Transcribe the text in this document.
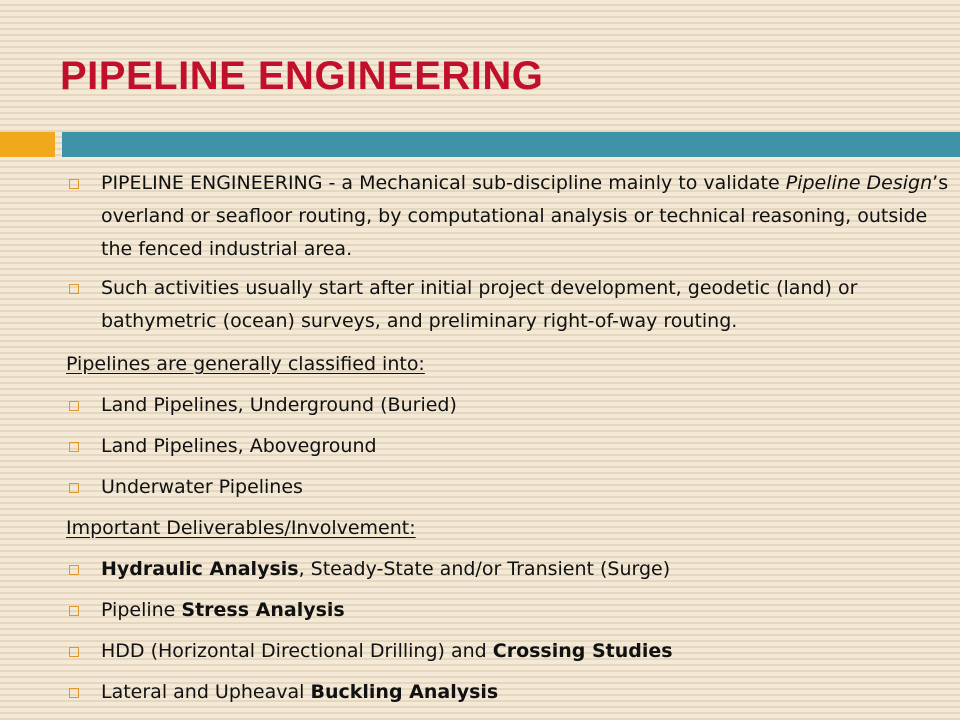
PIPELINE ENGINEERING
PIPELINE ENGINEERING - a Mechanical sub-discipline mainly to validate Pipeline Design’s overland or seafloor routing, by computational analysis or technical reasoning, outside the fenced industrial area.
Such activities usually start after initial project development, geodetic (land) or bathymetric (ocean) surveys, and preliminary right-of-way routing.
Pipelines are generally classified into:
Land Pipelines, Underground (Buried)
Land Pipelines, Aboveground
Underwater Pipelines
Important Deliverables/Involvement:
Hydraulic Analysis, Steady-State and/or Transient (Surge)
Pipeline Stress Analysis
HDD (Horizontal Directional Drilling) and Crossing Studies
Lateral and Upheaval Buckling Analysis
